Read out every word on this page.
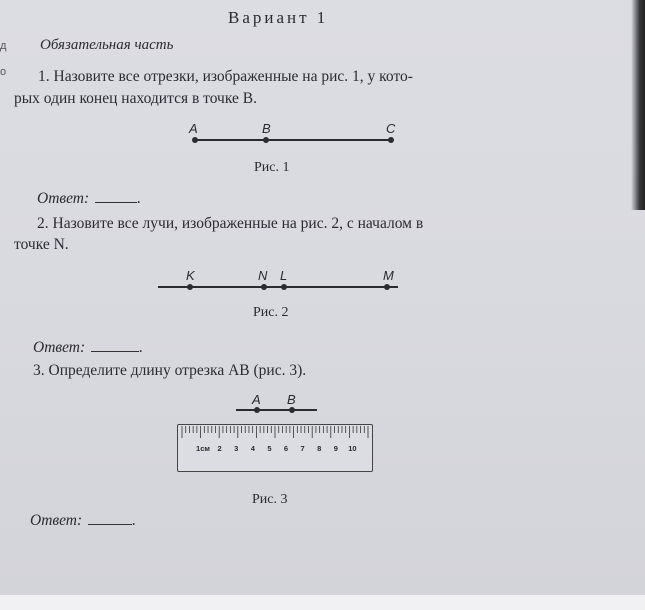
д
о
Вариант 1
Обязательная часть
1. Назовите все отрезки, изображенные на рис. 1, у кото-
рых один конец находится в точке B.
A	B	C
Рис. 1
Ответ:	.
2. Назовите все лучи, изображенные на рис. 2, с началом в
точке N.
K	N L	M
Рис. 2
Ответ:	.
3. Определите длину отрезка AB (рис. 3).
A B
1см 2 3 4 5 6 7 8 9 10
Рис. 3
Ответ:	.
